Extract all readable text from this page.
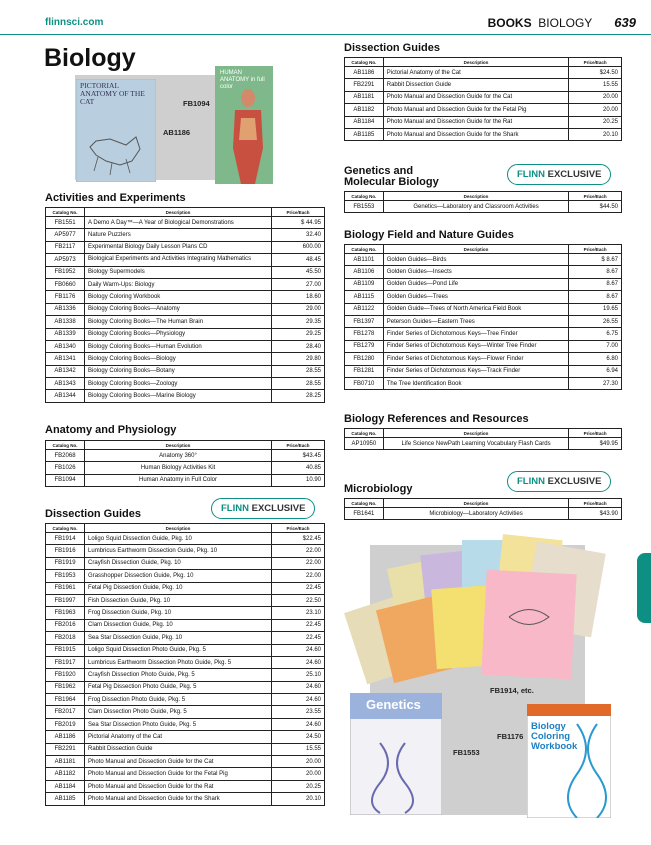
flinnsci.com	BOOKS BIOLOGY 639
Biology
PICTORIAL ANATOMY OF THE CAT
HUMAN ANATOMY in full color
FB1094
AB1186
Activities and Experiments
Catalog No.	Description	Price/Each
FB1551	A Demo A Day™—A Year of Biological Demonstrations	$ 44.95
AP5977	Nature Puzzlers	32.40
FB2117	Experimental Biology Daily Lesson Plans CD	600.00
AP5973	Biological Experiments and Activities Integrating Mathematics	48.45
FB1952	Biology Supermodels	45.50
FB0660	Daily Warm-Ups: Biology	27.00
FB1176	Biology Coloring Workbook	18.60
AB1336	Biology Coloring Books—Anatomy	29.00
AB1338	Biology Coloring Books—The Human Brain	29.35
AB1339	Biology Coloring Books—Physiology	29.25
AB1340	Biology Coloring Books—Human Evolution	28.40
AB1341	Biology Coloring Books—Biology	29.80
AB1342	Biology Coloring Books—Botany	28.55
AB1343	Biology Coloring Books—Zoology	28.55
AB1344	Biology Coloring Books—Marine Biology	28.25
Anatomy and Physiology
Catalog No.	Description	Price/Each
FB2068	Anatomy 360°	$43.45
FB1026	Human Biology Activities Kit	40.85
FB1094	Human Anatomy in Full Color	10.90
FLINN EXCLUSIVE
Dissection Guides
Catalog No.	Description	Price/Each
FB1914	Loligo Squid Dissection Guide, Pkg. 10	$22.45
FB1916	Lumbricus Earthworm Dissection Guide, Pkg. 10	22.00
FB1919	Crayfish Dissection Guide, Pkg. 10	22.00
FB1953	Grasshopper Dissection Guide, Pkg. 10	22.00
FB1961	Fetal Pig Dissection Guide, Pkg. 10	22.45
FB1997	Fish Dissection Guide, Pkg. 10	22.50
FB1963	Frog Dissection Guide, Pkg. 10	23.10
FB2016	Clam Dissection Guide, Pkg. 10	22.45
FB2018	Sea Star Dissection Guide, Pkg. 10	22.45
FB1915	Loligo Squid Dissection Photo Guide, Pkg. 5	24.60
FB1917	Lumbricus Earthworm Dissection Photo Guide, Pkg. 5	24.60
FB1920	Crayfish Dissection Photo Guide, Pkg. 5	25.10
FB1962	Fetal Pig Dissection Photo Guide, Pkg. 5	24.60
FB1964	Frog Dissection Photo Guide, Pkg. 5	24.60
FB2017	Clam Dissection Photo Guide, Pkg. 5	23.55
FB2019	Sea Star Dissection Photo Guide, Pkg. 5	24.60
AB1186	Pictorial Anatomy of the Cat	24.50
FB2291	Rabbit Dissection Guide	15.55
AB1181	Photo Manual and Dissection Guide for the Cat	20.00
AB1182	Photo Manual and Dissection Guide for the Fetal Pig	20.00
AB1184	Photo Manual and Dissection Guide for the Rat	20.25
AB1185	Photo Manual and Dissection Guide for the Shark	20.10
Dissection Guides
Catalog No.	Description	Price/Each
AB1186	Pictorial Anatomy of the Cat	$24.50
FB2291	Rabbit Dissection Guide	15.55
AB1181	Photo Manual and Dissection Guide for the Cat	20.00
AB1182	Photo Manual and Dissection Guide for the Fetal Pig	20.00
AB1184	Photo Manual and Dissection Guide for the Rat	20.25
AB1185	Photo Manual and Dissection Guide for the Shark	20.10
FLINN EXCLUSIVE
Genetics and
Molecular Biology
Catalog No.	Description	Price/Each
FB1553	Genetics—Laboratory and Classroom Activities	$44.50
Biology Field and Nature Guides
Catalog No.	Description	Price/Each
AB1101	Golden Guides—Birds	$ 8.67
AB1106	Golden Guides—Insects	8.67
AB1109	Golden Guides—Pond Life	8.67
AB1115	Golden Guides—Trees	8.67
AB1122	Golden Guide—Trees of North America Field Book	19.65
FB1397	Peterson Guides—Eastern Trees	26.55
FB1278	Finder Series of Dichotomous Keys—Tree Finder	6.75
FB1279	Finder Series of Dichotomous Keys—Winter Tree Finder	7.00
FB1280	Finder Series of Dichotomous Keys—Flower Finder	6.80
FB1281	Finder Series of Dichotomous Keys—Track Finder	6.94
FB0710	The Tree Identification Book	27.30
Biology References and Resources
Catalog No.	Description	Price/Each
AP10950	Life Science NewPath Learning Vocabulary Flash Cards	$49.95
FLINN EXCLUSIVE
Microbiology
Catalog No.	Description	Price/Each
FB1641	Microbiology—Laboratory Activities	$43.90
FB1914, etc.
Genetics
FB1553
Biology Coloring Workbook
FB1176
